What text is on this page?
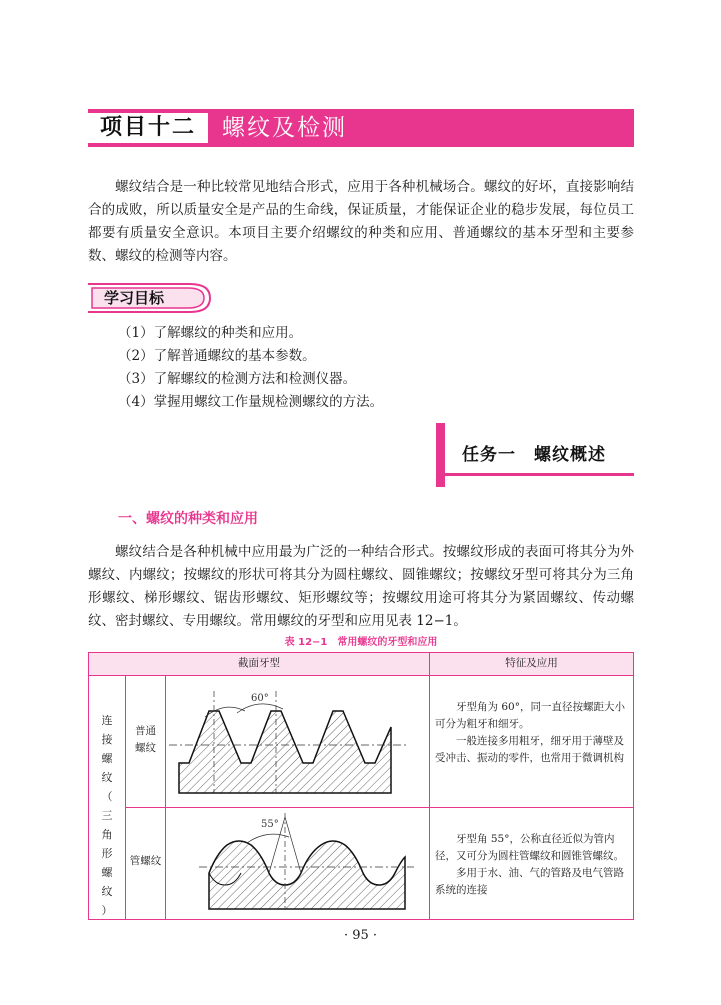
项目十二	螺纹及检测
螺纹结合是一种比较常见地结合形式，应用于各种机械场合。螺纹的好坏，直接影响结合的成败，所以质量安全是产品的生命线，保证质量，才能保证企业的稳步发展，每位员工都要有质量安全意识。本项目主要介绍螺纹的种类和应用、普通螺纹的基本牙型和主要参数、螺纹的检测等内容。
学习目标
（1）了解螺纹的种类和应用。
（2）了解普通螺纹的基本参数。
（3）了解螺纹的检测方法和检测仪器。
（4）掌握用螺纹工作量规检测螺纹的方法。
任务一　螺纹概述
一、螺纹的种类和应用
螺纹结合是各种机械中应用最为广泛的一种结合形式。按螺纹形成的表面可将其分为外螺纹、内螺纹；按螺纹的形状可将其分为圆柱螺纹、圆锥螺纹；按螺纹牙型可将其分为三角形螺纹、梯形螺纹、锯齿形螺纹、矩形螺纹等；按螺纹用途可将其分为紧固螺纹、传动螺纹、密封螺纹、专用螺纹。常用螺纹的牙型和应用见表 12−1。
表 12−1　常用螺纹的牙型和应用
截面牙型	特征及应用
连
接
螺
纹
（
三
角
形
螺
纹
）
普通
螺纹
管螺纹
60°
55°

牙型角为 60°，同一直径按螺距大小可分为粗牙和细牙。

一般连接多用粗牙，细牙用于薄壁及受冲击、振动的零件，也常用于微调机构

牙型角 55°，公称直径近似为管内径，又可分为圆柱管螺纹和圆锥管螺纹。

多用于水、油、气的管路及电气管路系统的连接

· 95 ·
